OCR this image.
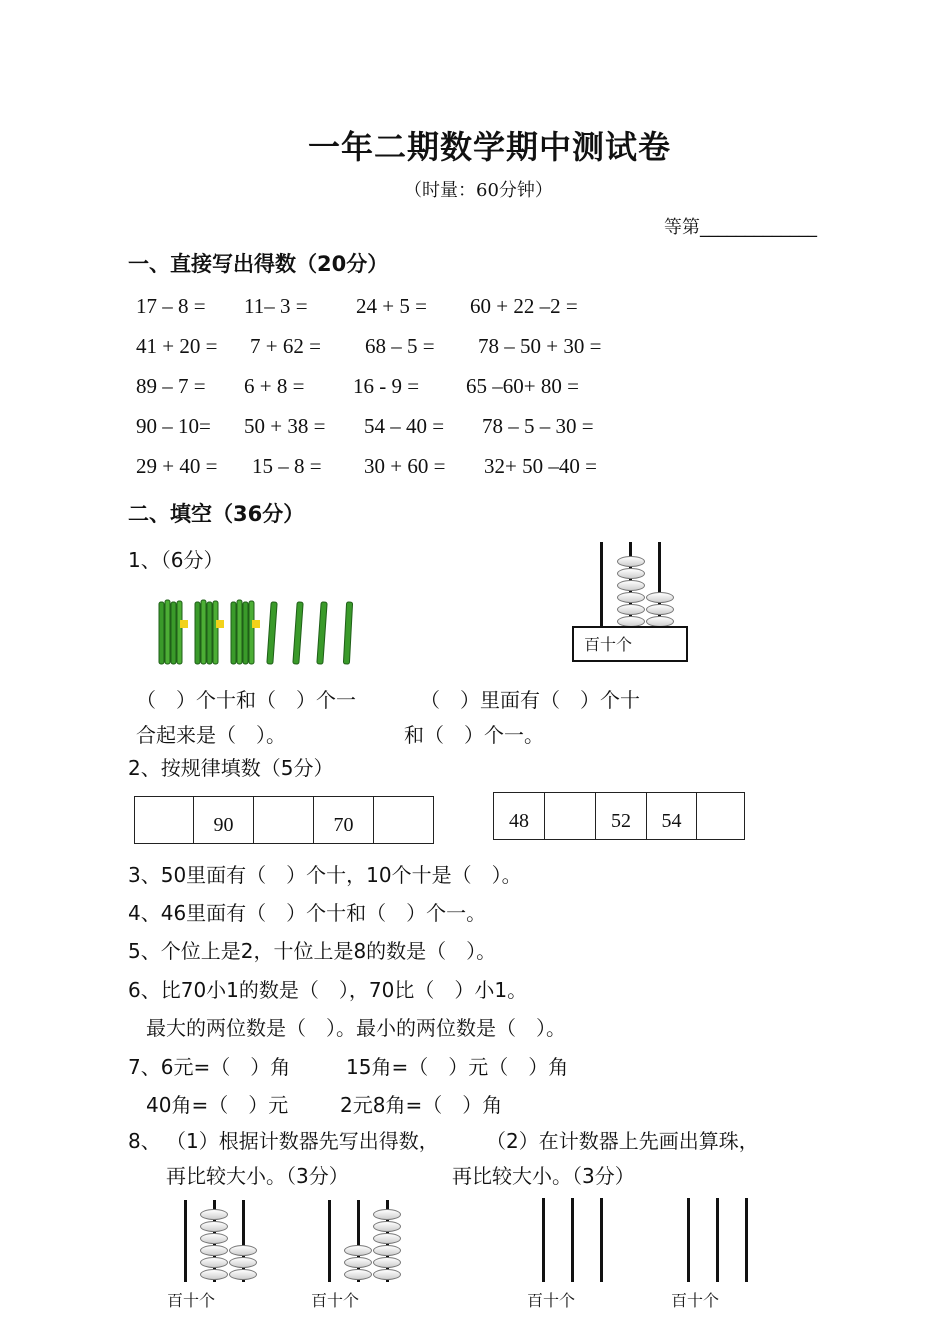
一年二期数学期中测试卷
（时量：60分钟）
等第_____________
一、直接写出得数（20分）
17 – 8 = 11– 3 = 24 + 5 = 60 + 22 –2 =
41 + 20 = 7 + 62 = 68 – 5 = 78 – 50 + 30 =
89 – 7 = 6 + 8 = 16 - 9 = 65 –60+ 80 =
90 – 10= 50 + 38 = 54 – 40 = 78 – 5 – 30 =
29 + 40 = 15 – 8 = 30 + 60 = 32+ 50 –40 =
二、填空（36分）
1、（6分）
百十个
（　）个十和（　）个一
合起来是（　）。
（　）里面有（　）个十
和（　）个一。
2、按规律填数（5分）
90	70	48	52	54
3、50里面有（　）个十，10个十是（　）。
4、46里面有（　）个十和（　）个一。
5、个位上是2，十位上是8的数是（　）。
6、比70小1的数是（　），70比（　）小1。
最大的两位数是（　）。最小的两位数是（　）。
7、6元=（　）角	15角=（　）元（　）角
40角=（　）元	2元8角=（　）角
8、 （1）根据计数器先写出得数，
再比较大小。（3分）
（2）在计数器上先画出算珠，
再比较大小。（3分）
百十个	百十个	百十个	百十个
